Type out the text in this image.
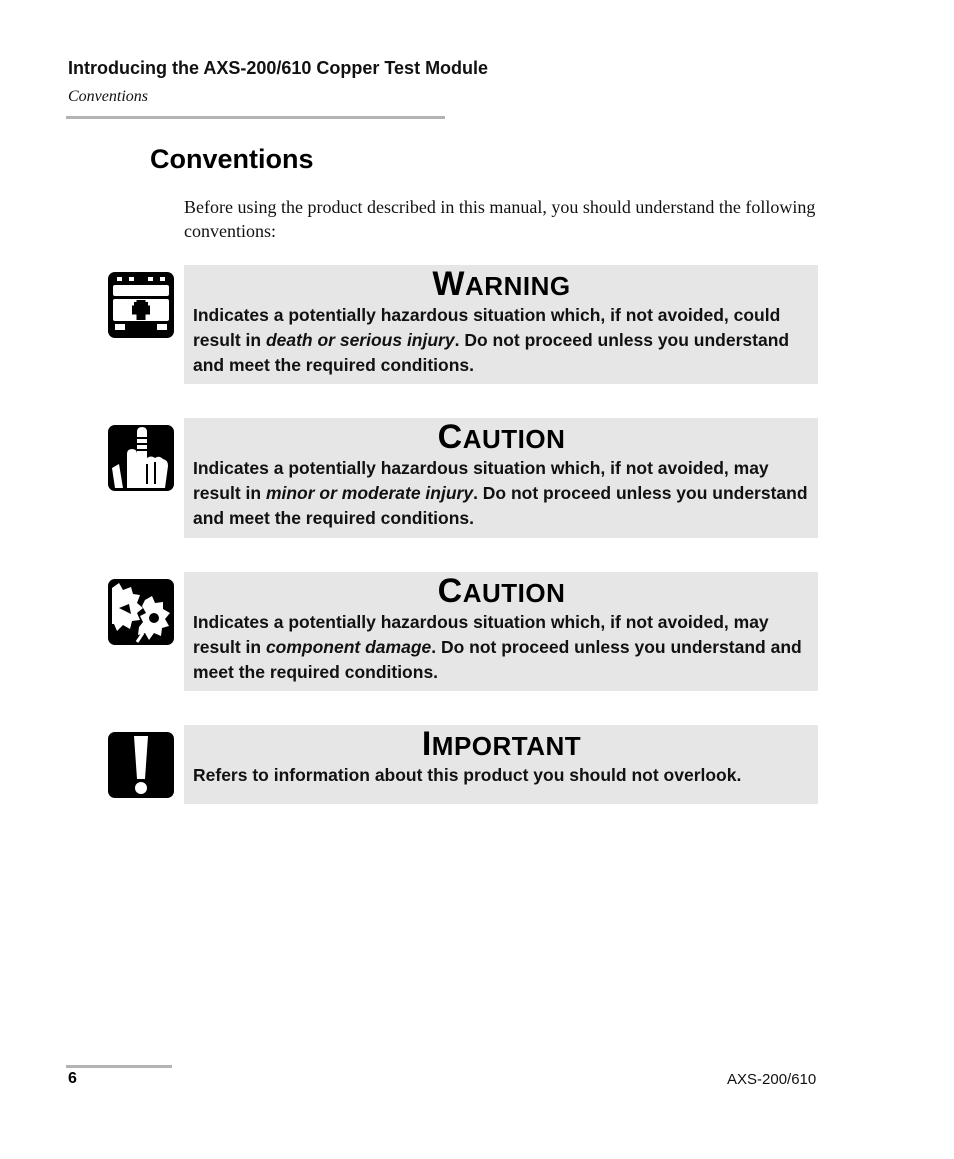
Introducing the AXS-200/610 Copper Test Module
Conventions
Conventions

Before using the product described in this manual, you should understand the following conventions:

WARNING

Indicates a potentially hazardous situation which, if not avoided, could result in death or serious injury. Do not proceed unless you understand and meet the required conditions.

CAUTION

Indicates a potentially hazardous situation which, if not avoided, may result in minor or moderate injury. Do not proceed unless you understand and meet the required conditions.

CAUTION

Indicates a potentially hazardous situation which, if not avoided, may result in component damage. Do not proceed unless you understand and meet the required conditions.

IMPORTANT

Refers to information about this product you should not overlook.

6	AXS-200/610
